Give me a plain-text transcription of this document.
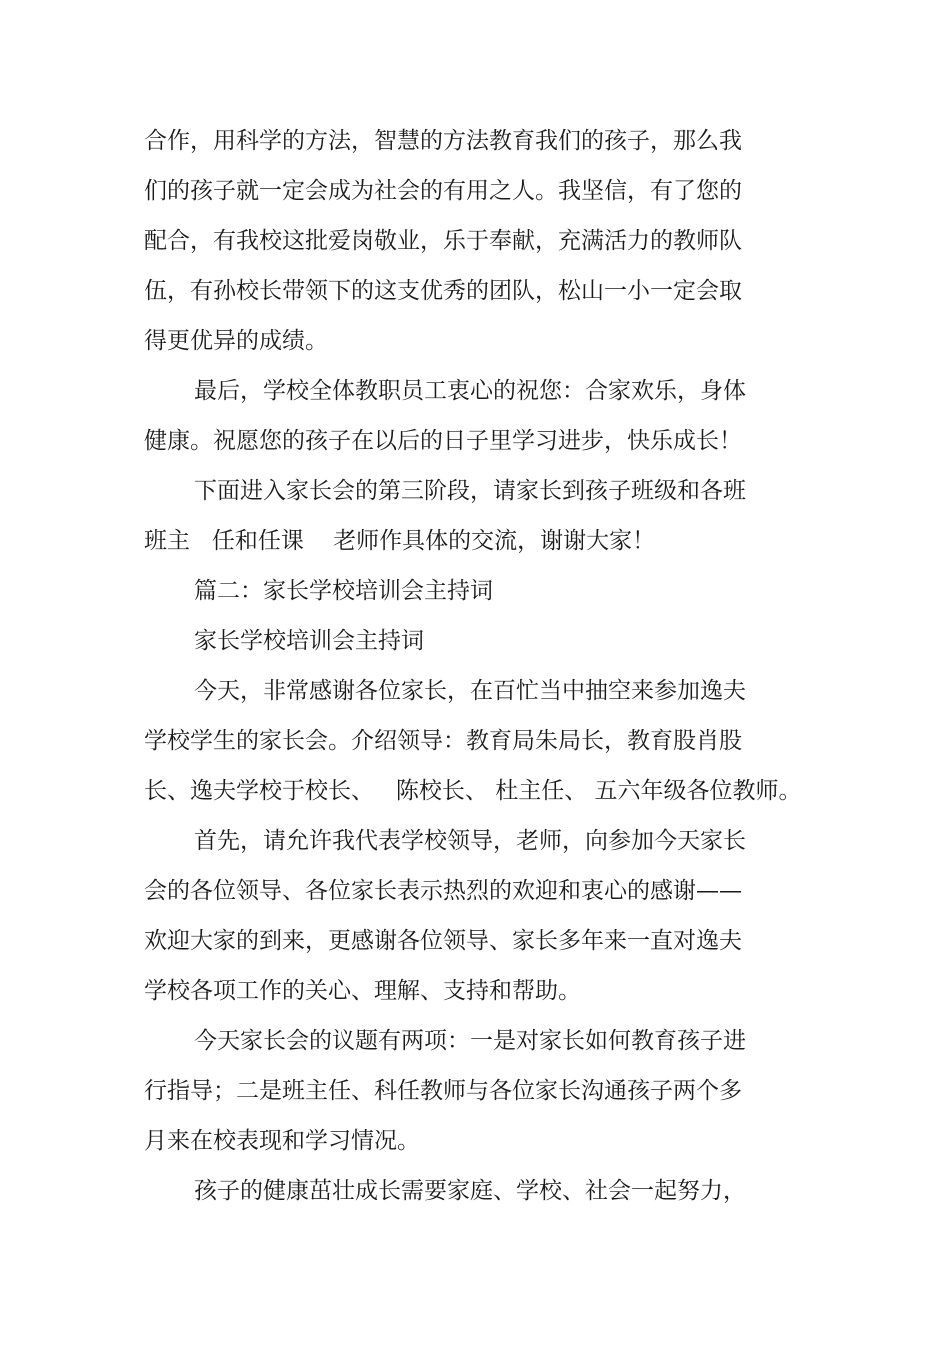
合作，用科学的方法，智慧的方法教育我们的孩子，那么我
们的孩子就一定会成为社会的有用之人。我坚信，有了您的
配合，有我校这批爱岗敬业，乐于奉献，充满活力的教师队
伍，有孙校长带领下的这支优秀的团队，松山一小一定会取
得更优异的成绩。
最后，学校全体教职员工衷心的祝您：合家欢乐，身体
健康。祝愿您的孩子在以后的日子里学习进步，快乐成长！
下面进入家长会的第三阶段，请家长到孩子班级和各班
班主   任和任课    老师作具体的交流，谢谢大家！
篇二：家长学校培训会主持词
家长学校培训会主持词
今天，非常感谢各位家长，在百忙当中抽空来参加逸夫
学校学生的家长会。介绍领导：教育局朱局长，教育股肖股
长、逸夫学校于校长、   陈校长、 杜主任、 五六年级各位教师。
首先，请允许我代表学校领导，老师，向参加今天家长
会的各位领导、各位家长表示热烈的欢迎和衷心的感谢——
欢迎大家的到来，更感谢各位领导、家长多年来一直对逸夫
学校各项工作的关心、理解、支持和帮助。
今天家长会的议题有两项：一是对家长如何教育孩子进
行指导；二是班主任、科任教师与各位家长沟通孩子两个多
月来在校表现和学习情况。
孩子的健康茁壮成长需要家庭、学校、社会一起努力，
